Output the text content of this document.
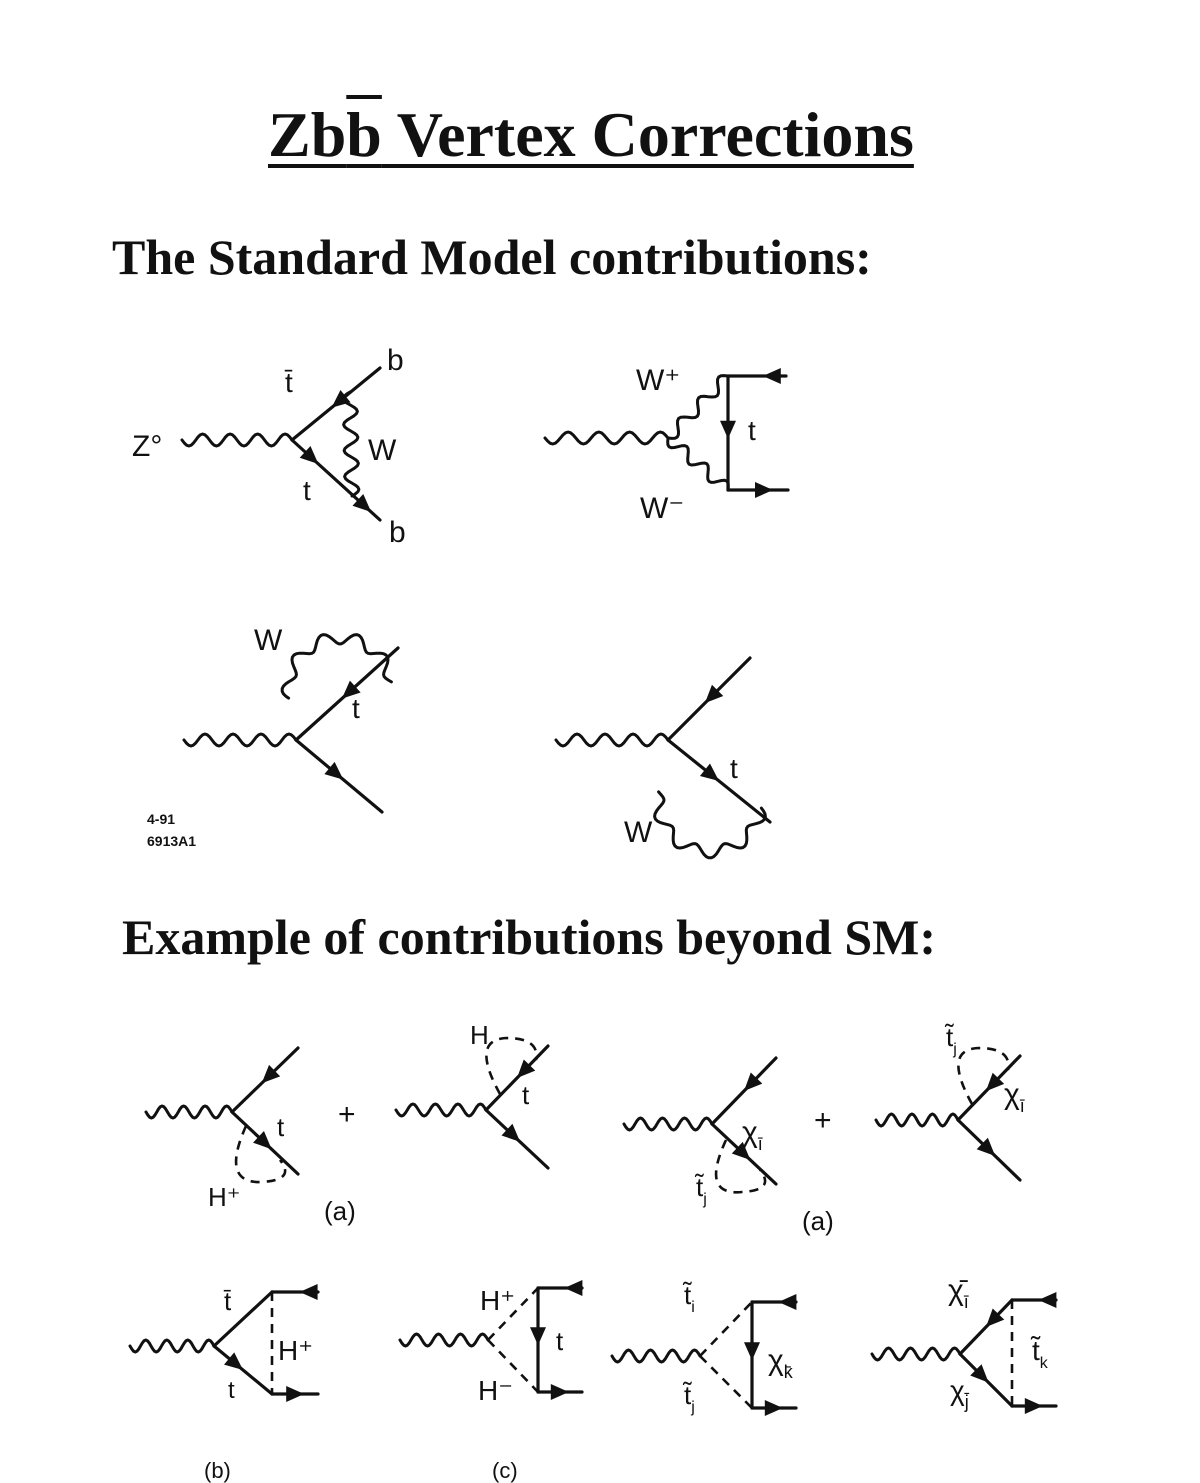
Zbb Vertex Corrections
The Standard Model contributions:
Example of contributions beyond SM:
Z°
t̄
b
W
t
b
W⁺
t
W⁻
W
t
4-91
6913A1
t
W
t
H⁺
+
H
t
(a)
$\chi_ī$
$t̃_j$
+
$t̃_j$
$\chi_ī$
(a)
t̄
H⁺
t
(b)
H⁺
t
H⁻
(c)
$t̃_i$
$\chi_{k̄}$
$t̃_j$
$\chī_ī$
$t̃_k$
$\chi_{j̄}$
